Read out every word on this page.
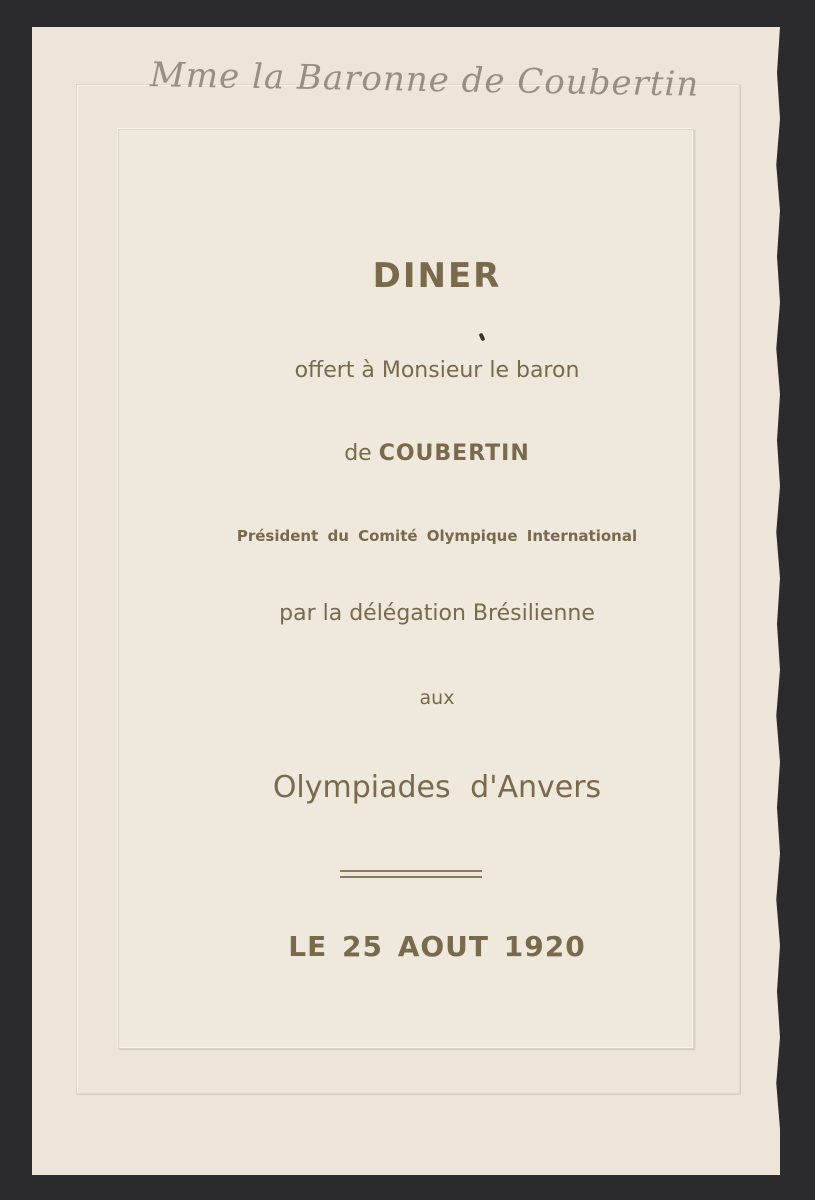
Mme la Baronne de Coubertin
DINER
offert à Monsieur le baron
de COUBERTIN
Président du Comité Olympique International
par la délégation Brésilienne
aux
Olympiades d'Anvers
LE 25 AOUT 1920
